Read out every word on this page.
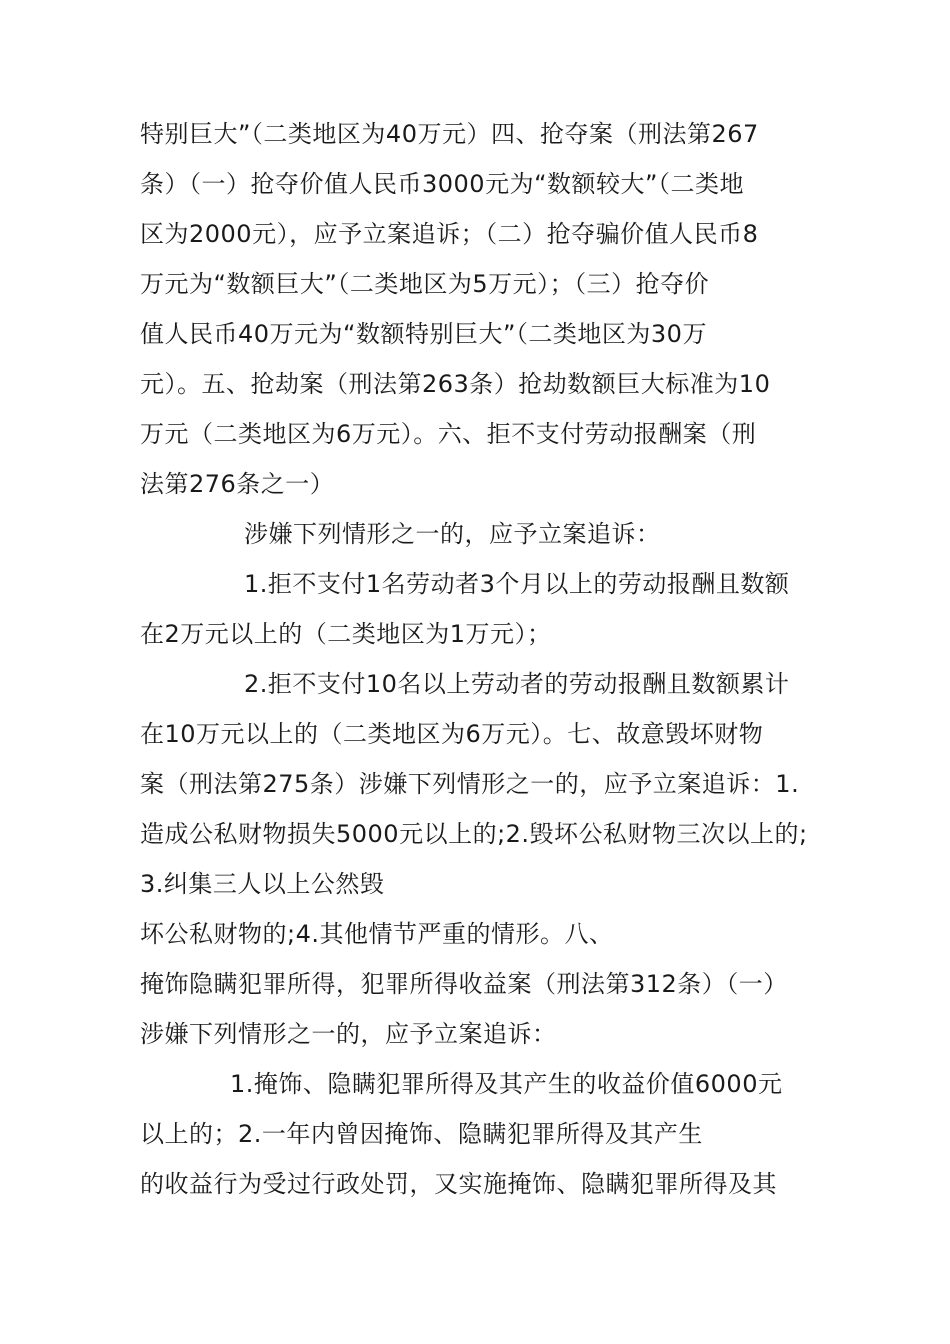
特别巨大”（二类地区为40万元）四、抢夺案（刑法第267
条）（一）抢夺价值人民币3000元为“数额较大”（二类地
区为2000元），应予立案追诉；（二）抢夺骗价值人民币8
万元为“数额巨大”（二类地区为5万元）；（三）抢夺价
值人民币40万元为“数额特别巨大”（二类地区为30万
元）。五、抢劫案（刑法第263条）抢劫数额巨大标准为10
万元（二类地区为6万元）。六、拒不支付劳动报酬案（刑
法第276条之一）
涉嫌下列情形之一的，应予立案追诉：
1.拒不支付1名劳动者3个月以上的劳动报酬且数额
在2万元以上的（二类地区为1万元）；
2.拒不支付10名以上劳动者的劳动报酬且数额累计
在10万元以上的（二类地区为6万元）。七、故意毁坏财物
案（刑法第275条）涉嫌下列情形之一的，应予立案追诉：1.
造成公私财物损失5000元以上的;2.毁坏公私财物三次以上的;
3.纠集三人以上公然毁
坏公私财物的;4.其他情节严重的情形。八、
掩饰隐瞒犯罪所得，犯罪所得收益案（刑法第312条）（一）
涉嫌下列情形之一的，应予立案追诉：
1.掩饰、隐瞒犯罪所得及其产生的收益价值6000元
以上的；2.一年内曾因掩饰、隐瞒犯罪所得及其产生
的收益行为受过行政处罚，又实施掩饰、隐瞒犯罪所得及其
